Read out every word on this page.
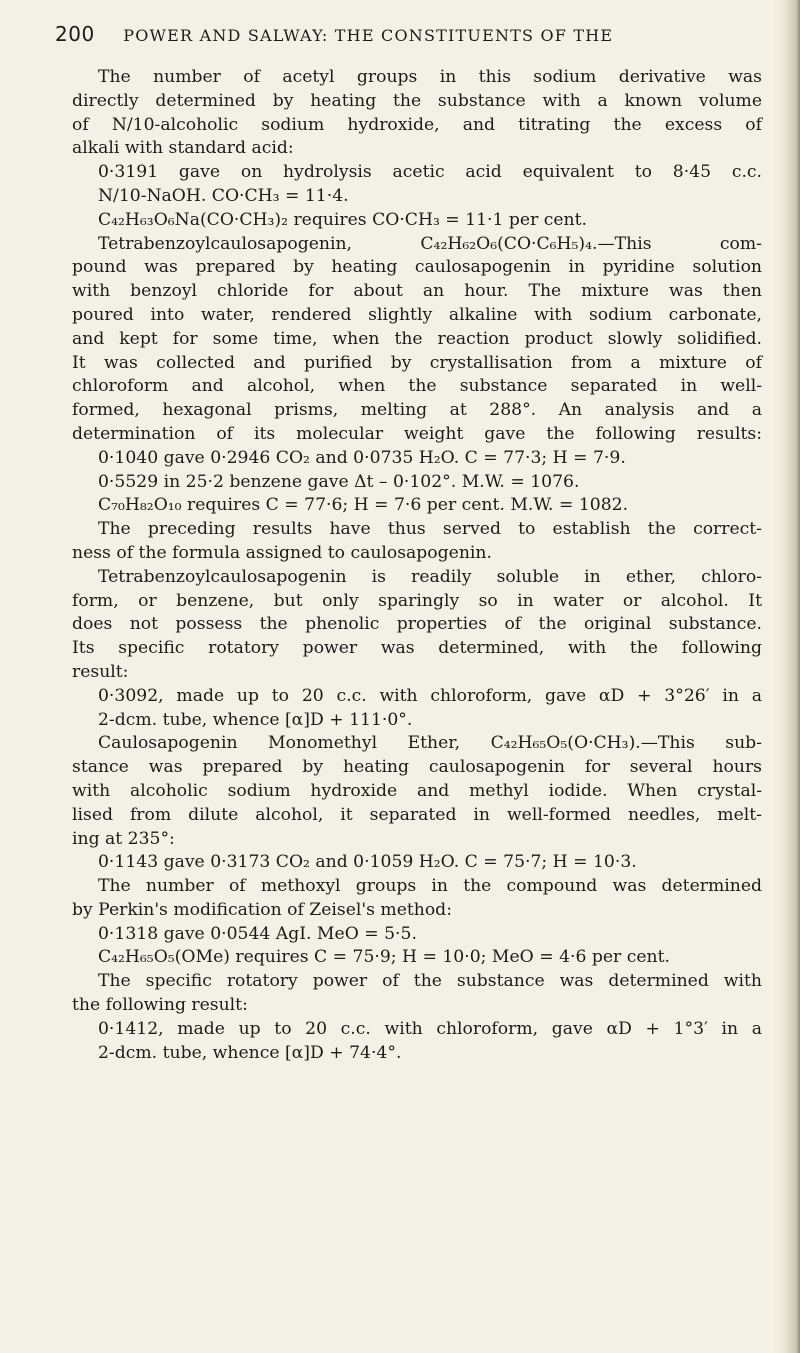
200 POWER AND SALWAY: THE CONSTITUENTS OF THE
The number of acetyl groups in this sodium derivative was
directly determined by heating the substance with a known volume
of N/10-alcoholic sodium hydroxide, and titrating the excess of
alkali with standard acid:
0·3191 gave on hydrolysis acetic acid equivalent to 8·45 c.c.
N/10-NaOH. CO·CH₃ = 11·4.
C₄₂H₆₃O₆Na(CO·CH₃)₂ requires CO·CH₃ = 11·1 per cent.
Tetrabenzoylcaulosapogenin, C₄₂H₆₂O₆(CO·C₆H₅)₄.—This com-
pound was prepared by heating caulosapogenin in pyridine solution
with benzoyl chloride for about an hour. The mixture was then
poured into water, rendered slightly alkaline with sodium carbonate,
and kept for some time, when the reaction product slowly solidified.
It was collected and purified by crystallisation from a mixture of
chloroform and alcohol, when the substance separated in well-
formed, hexagonal prisms, melting at 288°. An analysis and a
determination of its molecular weight gave the following results:
0·1040 gave 0·2946 CO₂ and 0·0735 H₂O. C = 77·3; H = 7·9.
0·5529 in 25·2 benzene gave Δt – 0·102°. M.W. = 1076.
C₇₀H₈₂O₁₀ requires C = 77·6; H = 7·6 per cent. M.W. = 1082.
The preceding results have thus served to establish the correct-
ness of the formula assigned to caulosapogenin.
Tetrabenzoylcaulosapogenin is readily soluble in ether, chloro-
form, or benzene, but only sparingly so in water or alcohol. It
does not possess the phenolic properties of the original substance.
Its specific rotatory power was determined, with the following
result:
0·3092, made up to 20 c.c. with chloroform, gave αD + 3°26′ in a
2-dcm. tube, whence [α]D + 111·0°.
Caulosapogenin Monomethyl Ether, C₄₂H₆₅O₅(O·CH₃).—This sub-
stance was prepared by heating caulosapogenin for several hours
with alcoholic sodium hydroxide and methyl iodide. When crystal-
lised from dilute alcohol, it separated in well-formed needles, melt-
ing at 235°:
0·1143 gave 0·3173 CO₂ and 0·1059 H₂O. C = 75·7; H = 10·3.
The number of methoxyl groups in the compound was determined
by Perkin's modification of Zeisel's method:
0·1318 gave 0·0544 AgI. MeO = 5·5.
C₄₂H₆₅O₅(OMe) requires C = 75·9; H = 10·0; MeO = 4·6 per cent.
The specific rotatory power of the substance was determined with
the following result:
0·1412, made up to 20 c.c. with chloroform, gave αD + 1°3′ in a
2-dcm. tube, whence [α]D + 74·4°.
